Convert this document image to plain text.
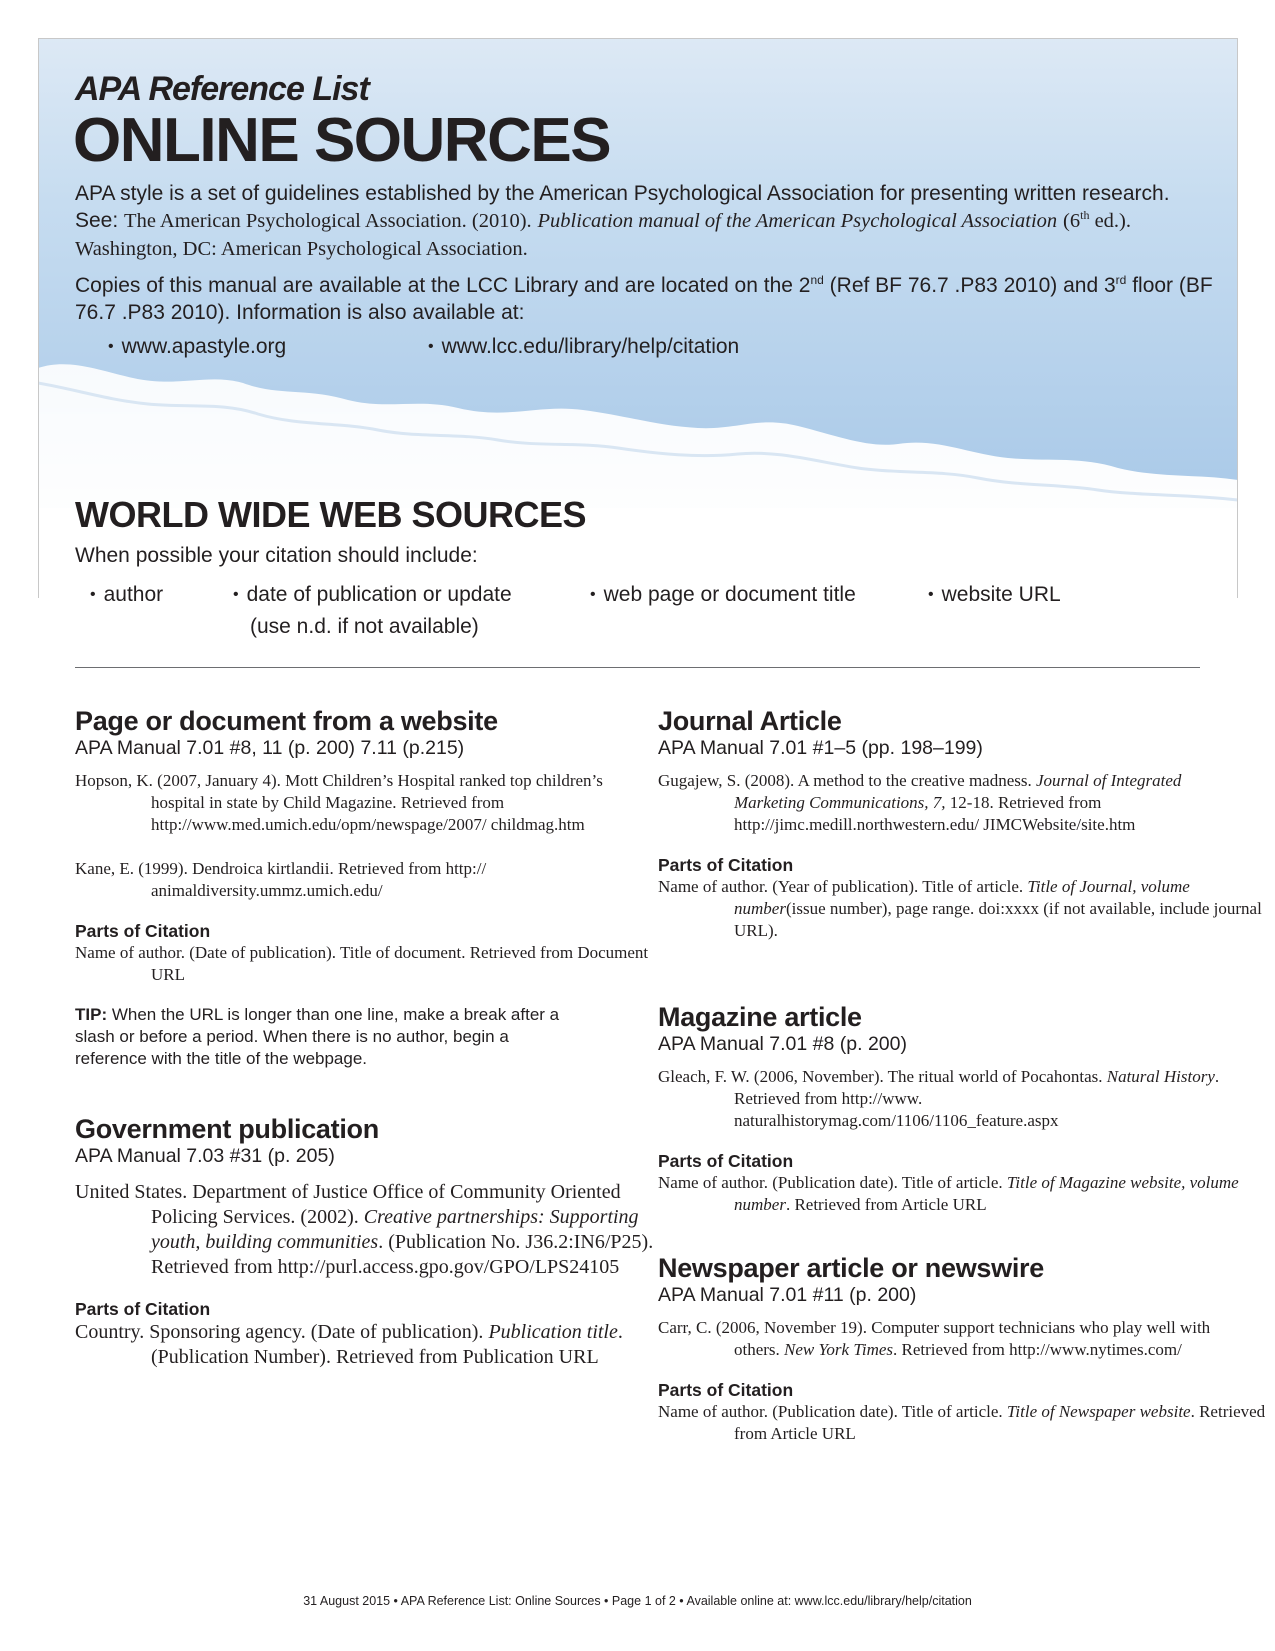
APA Reference List
ONLINE SOURCES
APA style is a set of guidelines established by the American Psychological Association for presenting written research. See: The American Psychological Association. (2010). Publication manual of the American Psychological Association (6th ed.). Washington, DC: American Psychological Association.
Copies of this manual are available at the LCC Library and are located on the 2nd (Ref BF 76.7 .P83 2010) and 3rd floor (BF 76.7 .P83 2010). Information is also available at:
• www.apastyle.org	• www.lcc.edu/library/help/citation
WORLD WIDE WEB SOURCES
When possible your citation should include:
• author	• date of publication or update
(use n.d. if not available)
• web page or document title	• website URL
Page or document from a website
APA Manual 7.01 #8, 11 (p. 200) 7.11 (p.215)
Hopson, K. (2007, January 4). Mott Children’s Hospital ranked top children’s hospital in state by Child Magazine. Retrieved from http://www.med.umich.edu/opm/newspage/2007/ childmag.htm
Kane, E. (1999). Dendroica kirtlandii. Retrieved from http:// animaldiversity.ummz.umich.edu/
Parts of Citation
Name of author. (Date of publication). Title of document. Retrieved from Document URL
TIP: When the URL is longer than one line, make a break after a slash or before a period. When there is no author, begin a reference with the title of the webpage.
Government publication
APA Manual 7.03 #31 (p. 205)
United States. Department of Justice Office of Community Oriented Policing Services. (2002). Creative partnerships: Supporting youth, building communities. (Publication No. J36.2:IN6/P25). Retrieved from http://purl.access.gpo.gov/GPO/LPS24105
Parts of Citation
Country. Sponsoring agency. (Date of publication). Publication title. (Publication Number). Retrieved from Publication URL
Journal Article
APA Manual 7.01 #1–5 (pp. 198–199)
Gugajew, S. (2008). A method to the creative madness. Journal of Integrated Marketing Communications, 7, 12-18. Retrieved from http://jimc.medill.northwestern.edu/ JIMCWebsite/site.htm
Parts of Citation
Name of author. (Year of publication). Title of article. Title of Journal, volume number(issue number), page range. doi:xxxx (if not available, include journal URL).
Magazine article
APA Manual 7.01 #8 (p. 200)
Gleach, F. W. (2006, November). The ritual world of Pocahontas. Natural History. Retrieved from http://www. naturalhistorymag.com/1106/1106_feature.aspx
Parts of Citation
Name of author. (Publication date). Title of article. Title of Magazine website, volume number. Retrieved from Article URL
Newspaper article or newswire
APA Manual 7.01 #11 (p. 200)
Carr, C. (2006, November 19). Computer support technicians who play well with others. New York Times. Retrieved from http://www.nytimes.com/
Parts of Citation
Name of author. (Publication date). Title of article. Title of Newspaper website. Retrieved from Article URL
31 August 2015 • APA Reference List: Online Sources • Page 1 of 2 • Available online at: www.lcc.edu/library/help/citation
